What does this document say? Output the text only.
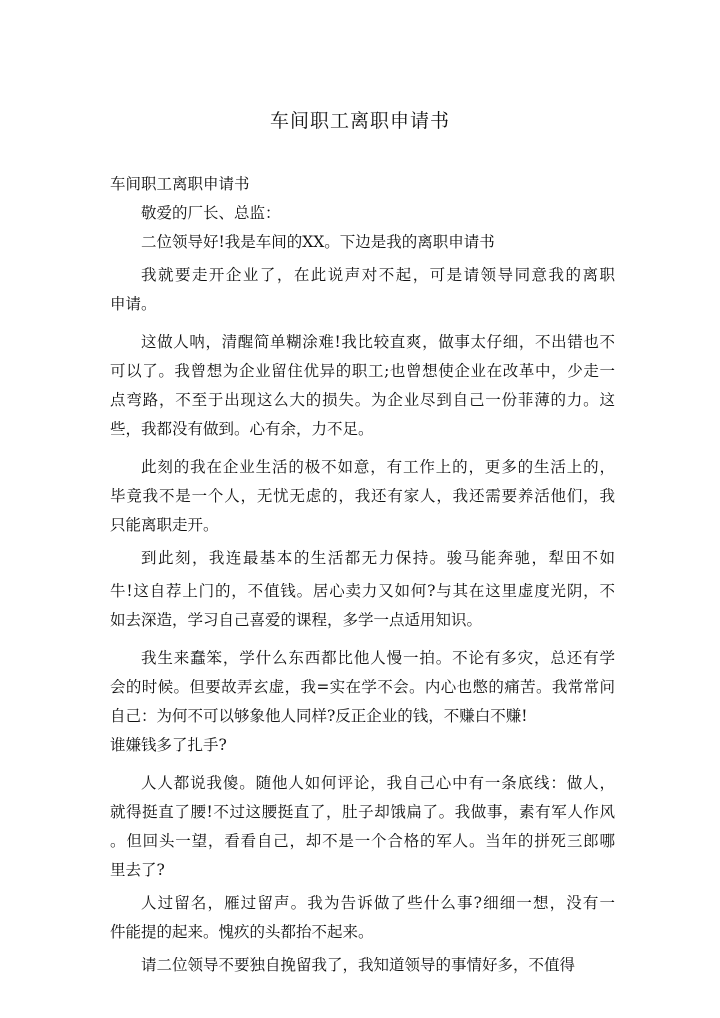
车间职工离职申请书
车间职工离职申请书
敬爱的厂长、总监：
二位领导好!我是车间的XX。下边是我的离职申请书
我就要走开企业了，在此说声对不起，可是请领导同意我的离职
申请。
这做人呐，清醒简单糊涂难!我比较直爽，做事太仔细，不出错也不
可以了。我曾想为企业留住优异的职工;也曾想使企业在改革中，少走一
点弯路，不至于出现这么大的损失。为企业尽到自己一份菲薄的力。这
些，我都没有做到。心有余，力不足。
此刻的我在企业生活的极不如意，有工作上的，更多的生活上的，
毕竟我不是一个人，无忧无虑的，我还有家人，我还需要养活他们，我
只能离职走开。
到此刻，我连最基本的生活都无力保持。骏马能奔驰，犁田不如
牛!这自荐上门的，不值钱。居心卖力又如何?与其在这里虚度光阴，不
如去深造，学习自己喜爱的课程，多学一点适用知识。
我生来蠢笨，学什么东西都比他人慢一拍。不论有多灾，总还有学
会的时候。但要故弄玄虚，我=实在学不会。内心也憋的痛苦。我常常问
自己：为何不可以够象他人同样?反正企业的钱，不赚白不赚!
谁嫌钱多了扎手?
人人都说我傻。随他人如何评论，我自己心中有一条底线：做人，
就得挺直了腰!不过这腰挺直了，肚子却饿扁了。我做事，素有军人作风
。但回头一望，看看自己，却不是一个合格的军人。当年的拼死三郎哪
里去了?
人过留名，雁过留声。我为告诉做了些什么事?细细一想，没有一
件能提的起来。愧疚的头都抬不起来。
请二位领导不要独自挽留我了，我知道领导的事情好多，不值得
